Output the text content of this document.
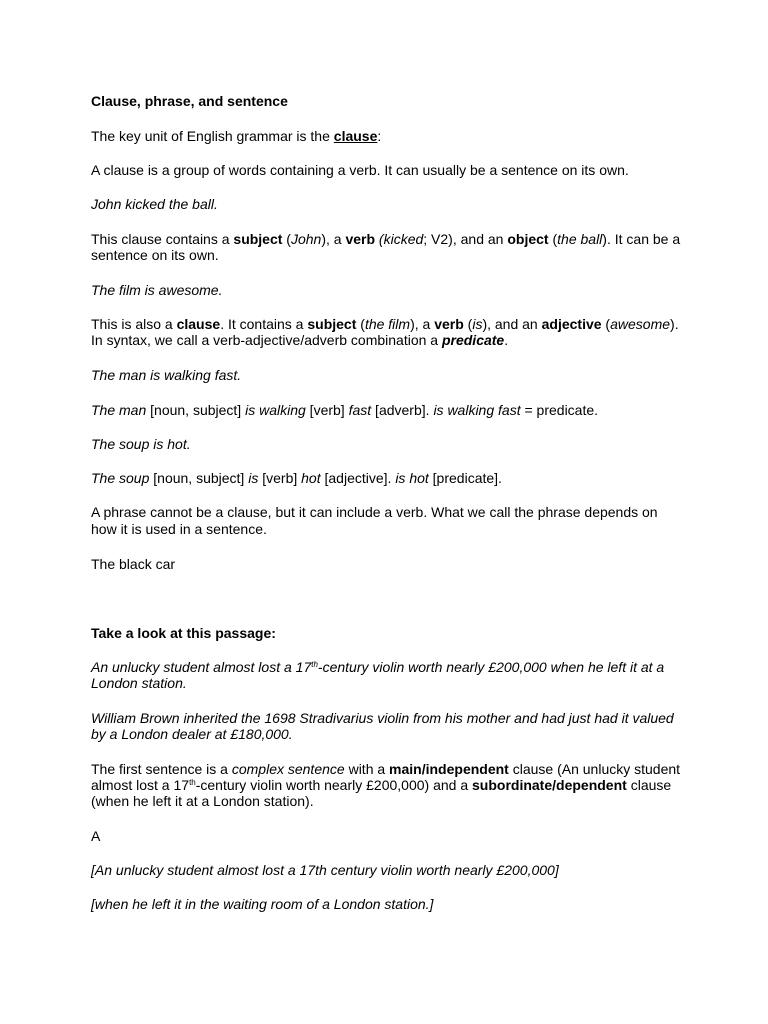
Clause, phrase, and sentence
The key unit of English grammar is the clause:
A clause is a group of words containing a verb. It can usually be a sentence on its own.
John kicked the ball.
This clause contains a subject (John), a verb (kicked; V2), and an object (the ball). It can be a
sentence on its own.
The film is awesome.
This is also a clause. It contains a subject (the film), a verb (is), and an adjective (awesome).
In syntax, we call a verb-adjective/adverb combination a predicate.
The man is walking fast.
The man [noun, subject] is walking [verb] fast [adverb]. is walking fast = predicate.
The soup is hot.
The soup [noun, subject] is [verb] hot [adjective]. is hot [predicate].
A phrase cannot be a clause, but it can include a verb. What we call the phrase depends on
how it is used in a sentence.
The black car
Take a look at this passage:
An unlucky student almost lost a 17th-century violin worth nearly £200,000 when he left it at a
London station.
William Brown inherited the 1698 Stradivarius violin from his mother and had just had it valued
by a London dealer at £180,000.
The first sentence is a complex sentence with a main/independent clause (An unlucky student
almost lost a 17th-century violin worth nearly £200,000) and a subordinate/dependent clause
(when he left it at a London station).
A
[An unlucky student almost lost a 17th century violin worth nearly £200,000]
[when he left it in the waiting room of a London station.]
